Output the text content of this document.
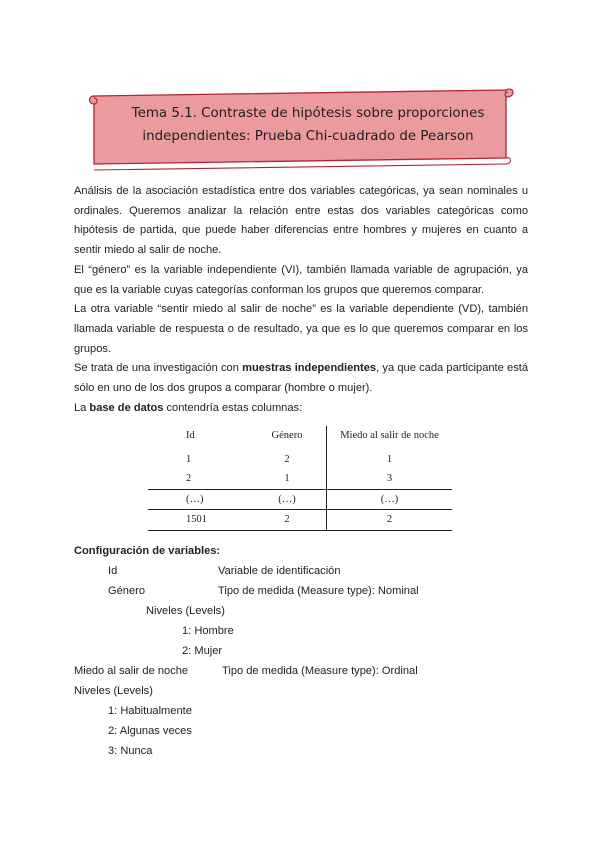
Tema 5.1. Contraste de hipótesis sobre proporciones
independientes: Prueba Chi-cuadrado de Pearson

Análisis de la asociación estadística entre dos variables categóricas, ya sean nominales u ordinales. Queremos analizar la relación entre estas dos variables categóricas como hipótesis de partida, que puede haber diferencias entre hombres y mujeres en cuanto a sentir miedo al salir de noche.

El “género” es la variable independiente (VI), también llamada variable de agrupación, ya que es la variable cuyas categorías conforman los grupos que queremos comparar.

La otra variable “sentir miedo al salir de noche” es la variable dependiente (VD), también llamada variable de respuesta o de resultado, ya que es lo que queremos comparar en los grupos.

Se trata de una investigación con muestras independientes, ya que cada participante está sólo en uno de los dos grupos a comparar (hombre o mujer).

La base de datos contendría estas columnas:

Id	Género	Miedo al salir de noche
1	2	1
2	1	3
(…)	(…)	(…)
1501	2	2
Configuración de variables:
Id	Variable de identificación
Género	Tipo de medida (Measure type): Nominal
Niveles (Levels)
1: Hombre
2: Mujer
Miedo al salir de noche	Tipo de medida (Measure type): Ordinal
Niveles (Levels)
1: Habitualmente
2: Algunas veces
3: Nunca
